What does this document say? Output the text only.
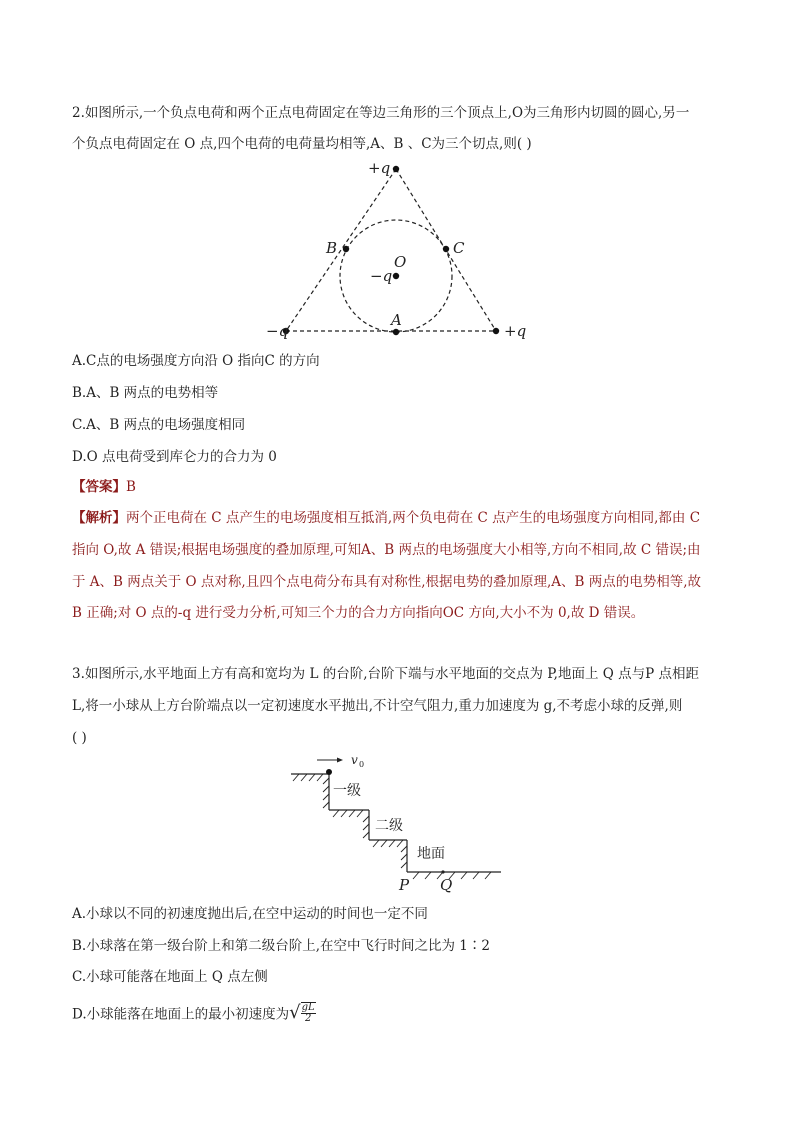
2.如图所示,一个负点电荷和两个正点电荷固定在等边三角形的三个顶点上,O为三角形内切圆的圆心,另一
个负点电荷固定在 O 点,四个电荷的电荷量均相等,A、B 、C为三个切点,则( )
+q
−q	+q
−q
O
A
B	C
A.C点的电场强度方向沿 O 指向C 的方向
B.A、B 两点的电势相等
C.A、B 两点的电场强度相同
D.O 点电荷受到库仑力的合力为 0
【答案】B
【解析】两个正电荷在 C 点产生的电场强度相互抵消,两个负电荷在 C 点产生的电场强度方向相同,都由 C
指向 O,故 A 错误;根据电场强度的叠加原理,可知A、B 两点的电场强度大小相等,方向不相同,故 C 错误;由
于 A、B 两点关于 O 点对称,且四个点电荷分布具有对称性,根据电势的叠加原理,A、B 两点的电势相等,故
B 正确;对 O 点的-q 进行受力分析,可知三个力的合力方向指向OC 方向,大小不为 0,故 D 错误。
3.如图所示,水平地面上方有高和宽均为 L 的台阶,台阶下端与水平地面的交点为 P,地面上 Q 点与P 点相距
L,将一小球从上方台阶端点以一定初速度水平抛出,不计空气阻力,重力加速度为 g,不考虑小球的反弹,则
( )
v 0
一级
二级
地面
P Q
A.小球以不同的初速度抛出后,在空中运动的时间也一定不同
B.小球落在第一级台阶上和第二级台阶上,在空中飞行时间之比为 1∶2
C.小球可能落在地面上 Q 点左侧
D.小球能落在地面上的最小初速度为√ $\frac{gL}{2}$
